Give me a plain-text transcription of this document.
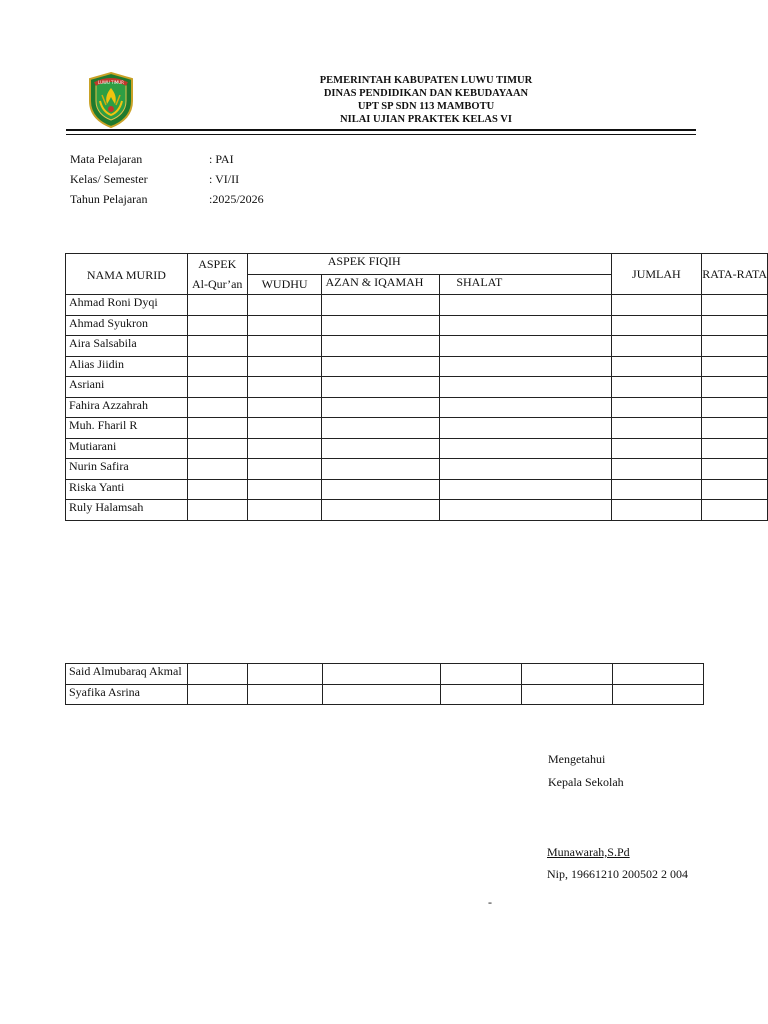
LUWU TIMUR	PEMERINTAH KABUPATEN LUWU TIMUR
DINAS PENDIDIKAN DAN KEBUDAYAAN
UPT SP SDN 113 MAMBOTU
NILAI UJIAN PRAKTEK KELAS VI
Mata Pelajaran	: PAI
Kelas/ Semester	: VI/II
Tahun Pelajaran	:2025/2026
NAMA MURID	ASPEK	ASPEK FIQIH			JUMLAH	RATA-RATA
	Al-Qur’an	WUDHU	AZAN & IQAMAH	SHALAT		
Ahmad Roni Dyqi						
Ahmad Syukron						
Aira Salsabila						
Alias Jiidin						
Asriani						
Fahira Azzahrah						
Muh. Fharil R						
Mutiarani						
Nurin Safira						
Riska Yanti						
Ruly Halamsah						
Said Almubaraq Akmal						
Syafika Asrina						
Mengetahui
Kepala Sekolah
Munawarah,S.Pd
Nip, 19661210 200502 2 004
-
